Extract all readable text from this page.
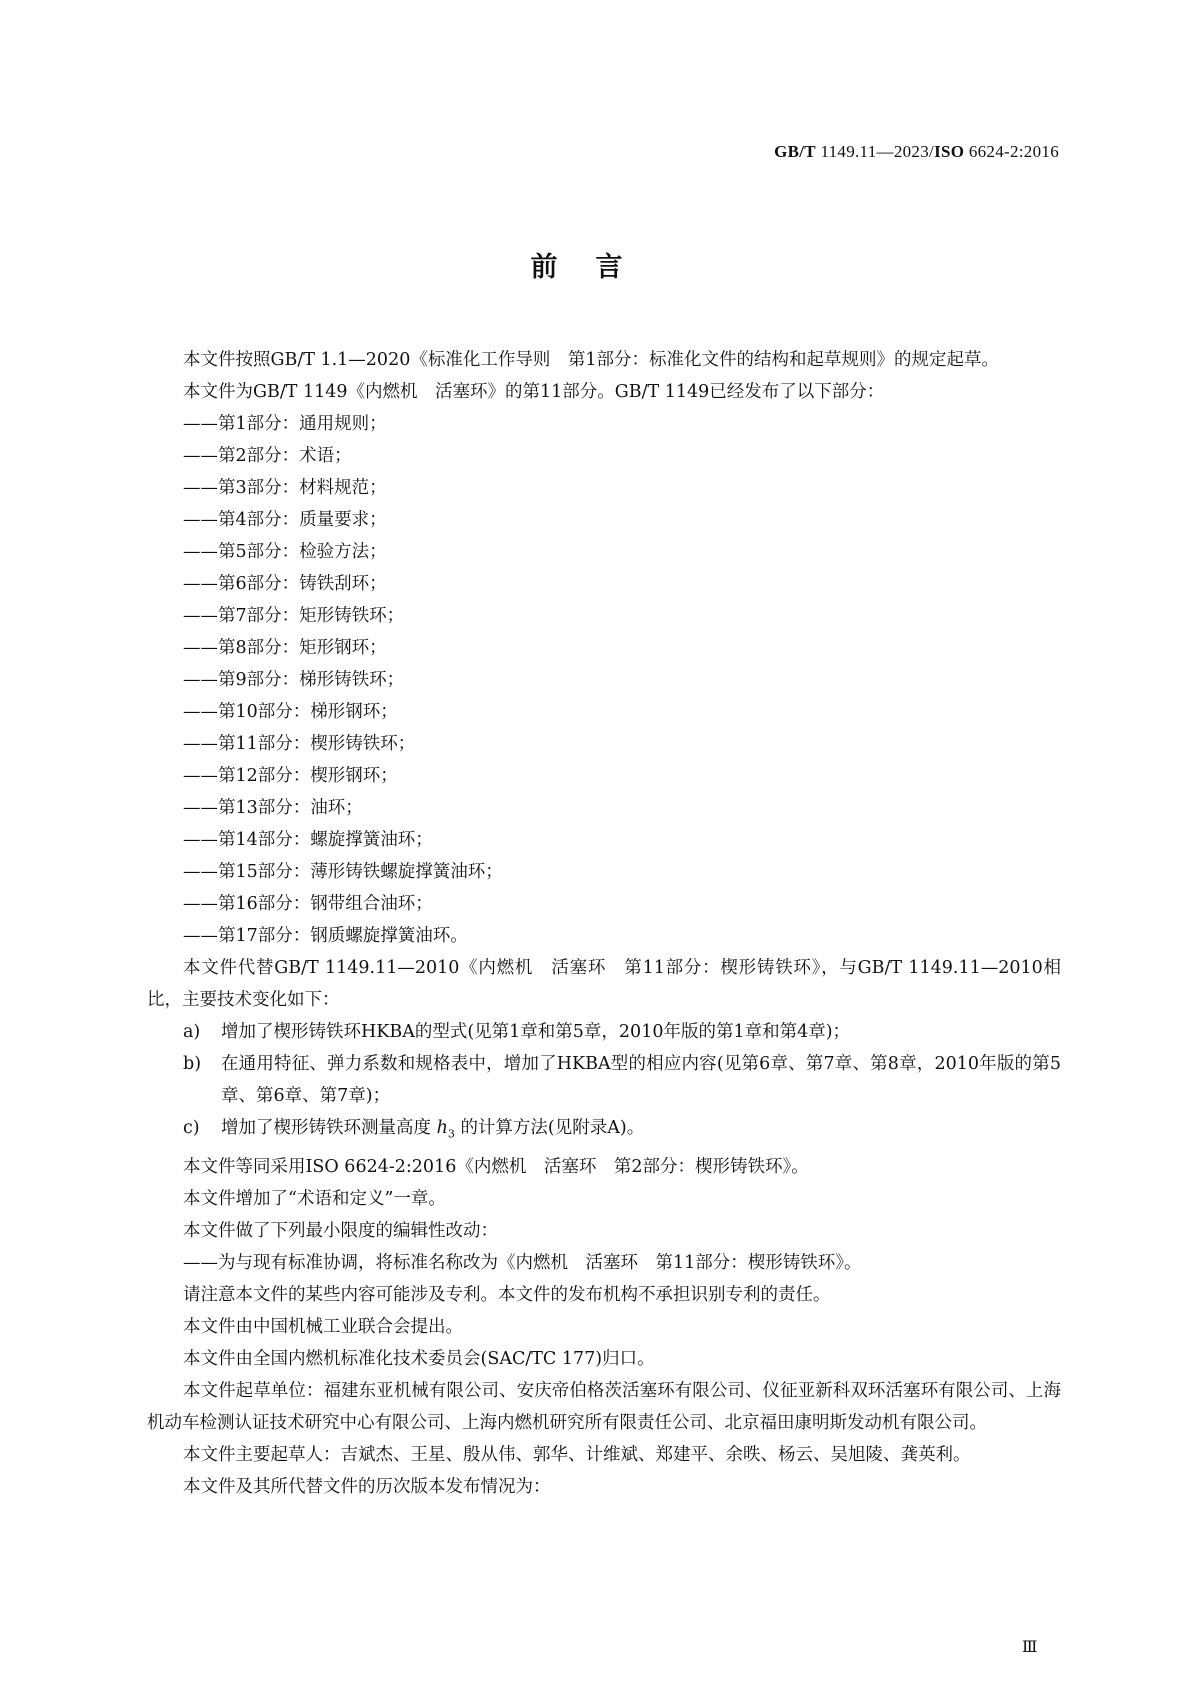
GB/T 1149.11—2023/ISO 6624-2:2016
前言

本文件按照GB/T 1.1—2020《标准化工作导则　第1部分：标准化文件的结构和起草规则》的规定起草。

本文件为GB/T 1149《内燃机　活塞环》的第11部分。GB/T 1149已经发布了以下部分：

——第1部分：通用规则；

——第2部分：术语；

——第3部分：材料规范；

——第4部分：质量要求；

——第5部分：检验方法；

——第6部分：铸铁刮环；

——第7部分：矩形铸铁环；

——第8部分：矩形钢环；

——第9部分：梯形铸铁环；

——第10部分：梯形钢环；

——第11部分：楔形铸铁环；

——第12部分：楔形钢环；

——第13部分：油环；

——第14部分：螺旋撑簧油环；

——第15部分：薄形铸铁螺旋撑簧油环；

——第16部分：钢带组合油环；

——第17部分：钢质螺旋撑簧油环。

本文件代替GB/T 1149.11—2010《内燃机　活塞环　第11部分：楔形铸铁环》，与GB/T 1149.11—2010相比，主要技术变化如下：

a)	增加了楔形铸铁环HKBA的型式(见第1章和第5章，2010年版的第1章和第4章)；
b)	在通用特征、弹力系数和规格表中，增加了HKBA型的相应内容(见第6章、第7章、第8章，2010年版的第5章、第6章、第7章)；
c)	增加了楔形铸铁环测量高度 $h_3$ 的计算方法(见附录A)。

本文件等同采用ISO 6624-2:2016《内燃机　活塞环　第2部分：楔形铸铁环》。

本文件增加了“术语和定义”一章。

本文件做了下列最小限度的编辑性改动：

——为与现有标准协调，将标准名称改为《内燃机　活塞环　第11部分：楔形铸铁环》。

请注意本文件的某些内容可能涉及专利。本文件的发布机构不承担识别专利的责任。

本文件由中国机械工业联合会提出。

本文件由全国内燃机标准化技术委员会(SAC/TC 177)归口。

本文件起草单位：福建东亚机械有限公司、安庆帝伯格茨活塞环有限公司、仪征亚新科双环活塞环有限公司、上海机动车检测认证技术研究中心有限公司、上海内燃机研究所有限责任公司、北京福田康明斯发动机有限公司。

本文件主要起草人：吉斌杰、王星、殷从伟、郭华、计维斌、郑建平、余昳、杨云、吴旭陵、龚英利。

本文件及其所代替文件的历次版本发布情况为：

Ⅲ
